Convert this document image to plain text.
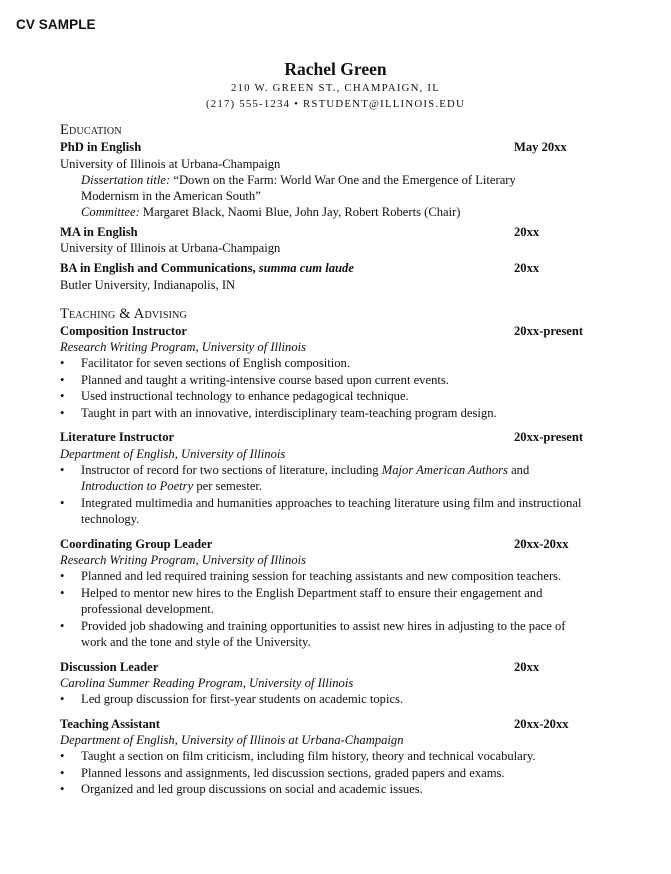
CV SAMPLE
Rachel Green
210 W. GREEN ST., CHAMPAIGN, IL
(217) 555-1234 • RSTUDENT@ILLINOIS.EDU
Education
PhD in English	May 20xx
University of Illinois at Urbana-Champaign
Dissertation title: “Down on the Farm: World War One and the Emergence of Literary
Modernism in the American South”
Committee: Margaret Black, Naomi Blue, John Jay, Robert Roberts (Chair)
MA in English	20xx
University of Illinois at Urbana-Champaign
BA in English and Communications, summa cum laude	20xx
Butler University, Indianapolis, IN
Teaching & Advising
Composition Instructor	20xx-present
Research Writing Program, University of Illinois
• Facilitator for seven sections of English composition.
• Planned and taught a writing-intensive course based upon current events.
• Used instructional technology to enhance pedagogical technique.
• Taught in part with an innovative, interdisciplinary team-teaching program design.
Literature Instructor	20xx-present
Department of English, University of Illinois
• Instructor of record for two sections of literature, including Major American Authors and
Introduction to Poetry per semester.
• Integrated multimedia and humanities approaches to teaching literature using film and instructional
technology.
Coordinating Group Leader	20xx-20xx
Research Writing Program, University of Illinois
• Planned and led required training session for teaching assistants and new composition teachers.
• Helped to mentor new hires to the English Department staff to ensure their engagement and
professional development.
• Provided job shadowing and training opportunities to assist new hires in adjusting to the pace of
work and the tone and style of the University.
Discussion Leader	20xx
Carolina Summer Reading Program, University of Illinois
• Led group discussion for first-year students on academic topics.
Teaching Assistant	20xx-20xx
Department of English, University of Illinois at Urbana-Champaign
• Taught a section on film criticism, including film history, theory and technical vocabulary.
• Planned lessons and assignments, led discussion sections, graded papers and exams.
• Organized and led group discussions on social and academic issues.
